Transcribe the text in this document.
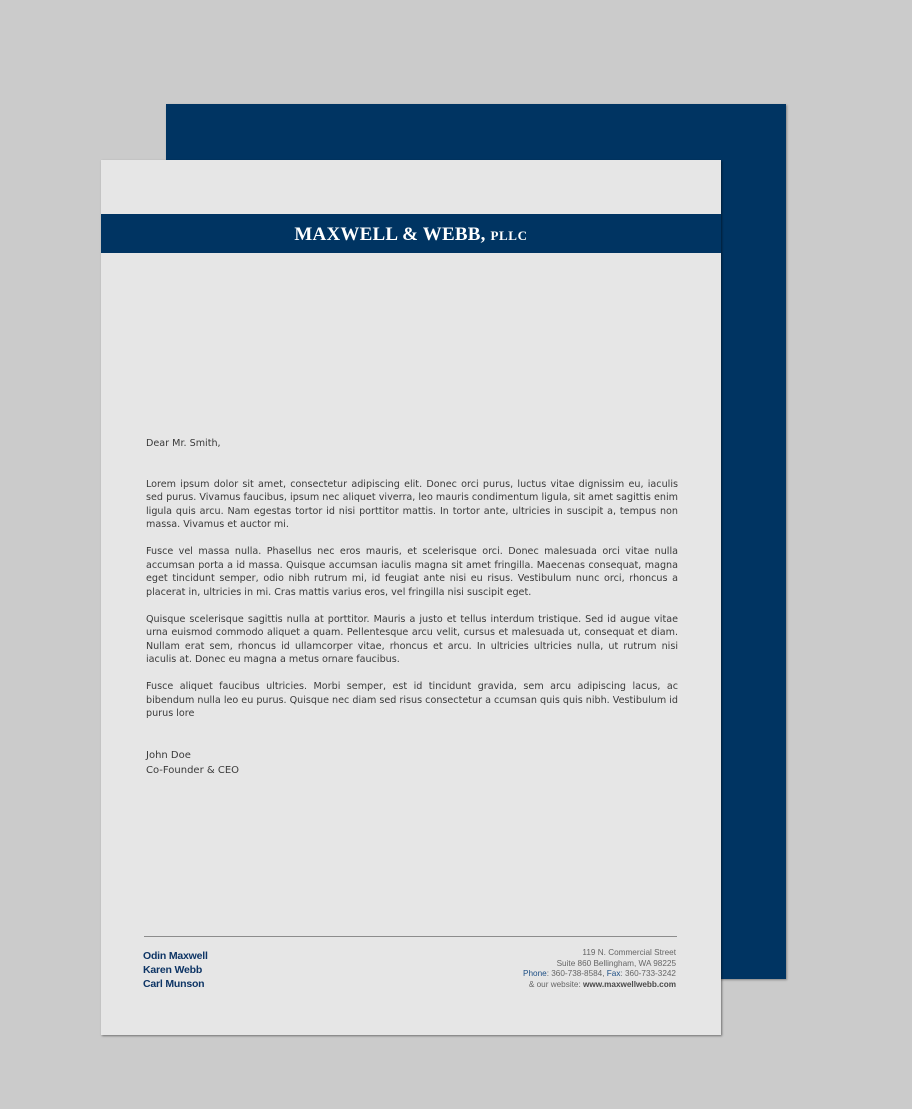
MAXWELL & WEBB, PLLC

Dear Mr. Smith,

Lorem ipsum dolor sit amet, consectetur adipiscing elit. Donec orci purus, luctus vitae dignissim eu, iaculis sed purus. Vivamus faucibus, ipsum nec aliquet viverra, leo mauris condimentum ligula, sit amet sagittis enim ligula quis arcu. Nam egestas tortor id nisi porttitor mattis. In tortor ante, ultricies in suscipit a, tempus non massa. Vivamus et auctor mi.

Fusce vel massa nulla. Phasellus nec eros mauris, et scelerisque orci. Donec malesuada orci vitae nulla accumsan porta a id massa. Quisque accumsan iaculis magna sit amet fringilla. Maecenas consequat, magna eget tincidunt semper, odio nibh rutrum mi, id feugiat ante nisi eu risus. Vestibulum nunc orci, rhoncus a placerat in, ultricies in mi. Cras mattis varius eros, vel fringilla nisi suscipit eget.

Quisque scelerisque sagittis nulla at porttitor. Mauris a justo et tellus interdum tristique. Sed id augue vitae urna euismod commodo aliquet a quam. Pellentesque arcu velit, cursus et malesuada ut, consequat et diam. Nullam erat sem, rhoncus id ullamcorper vitae, rhoncus et arcu. In ultricies ultricies nulla, ut rutrum nisi iaculis at. Donec eu magna a metus ornare faucibus.

Fusce aliquet faucibus ultricies. Morbi semper, est id tincidunt gravida, sem arcu adipiscing lacus, ac bibendum nulla leo eu purus. Quisque nec diam sed risus consectetur a ccumsan quis quis nibh. Vestibulum id purus lore

John Doe
Co-Founder & CEO
Odin Maxwell
Karen Webb
Carl Munson
119 N. Commercial Street
Suite 860 Bellingham, WA 98225
Phone: 360-738-8584, Fax: 360-733-3242
& our website: www.maxwellwebb.com
